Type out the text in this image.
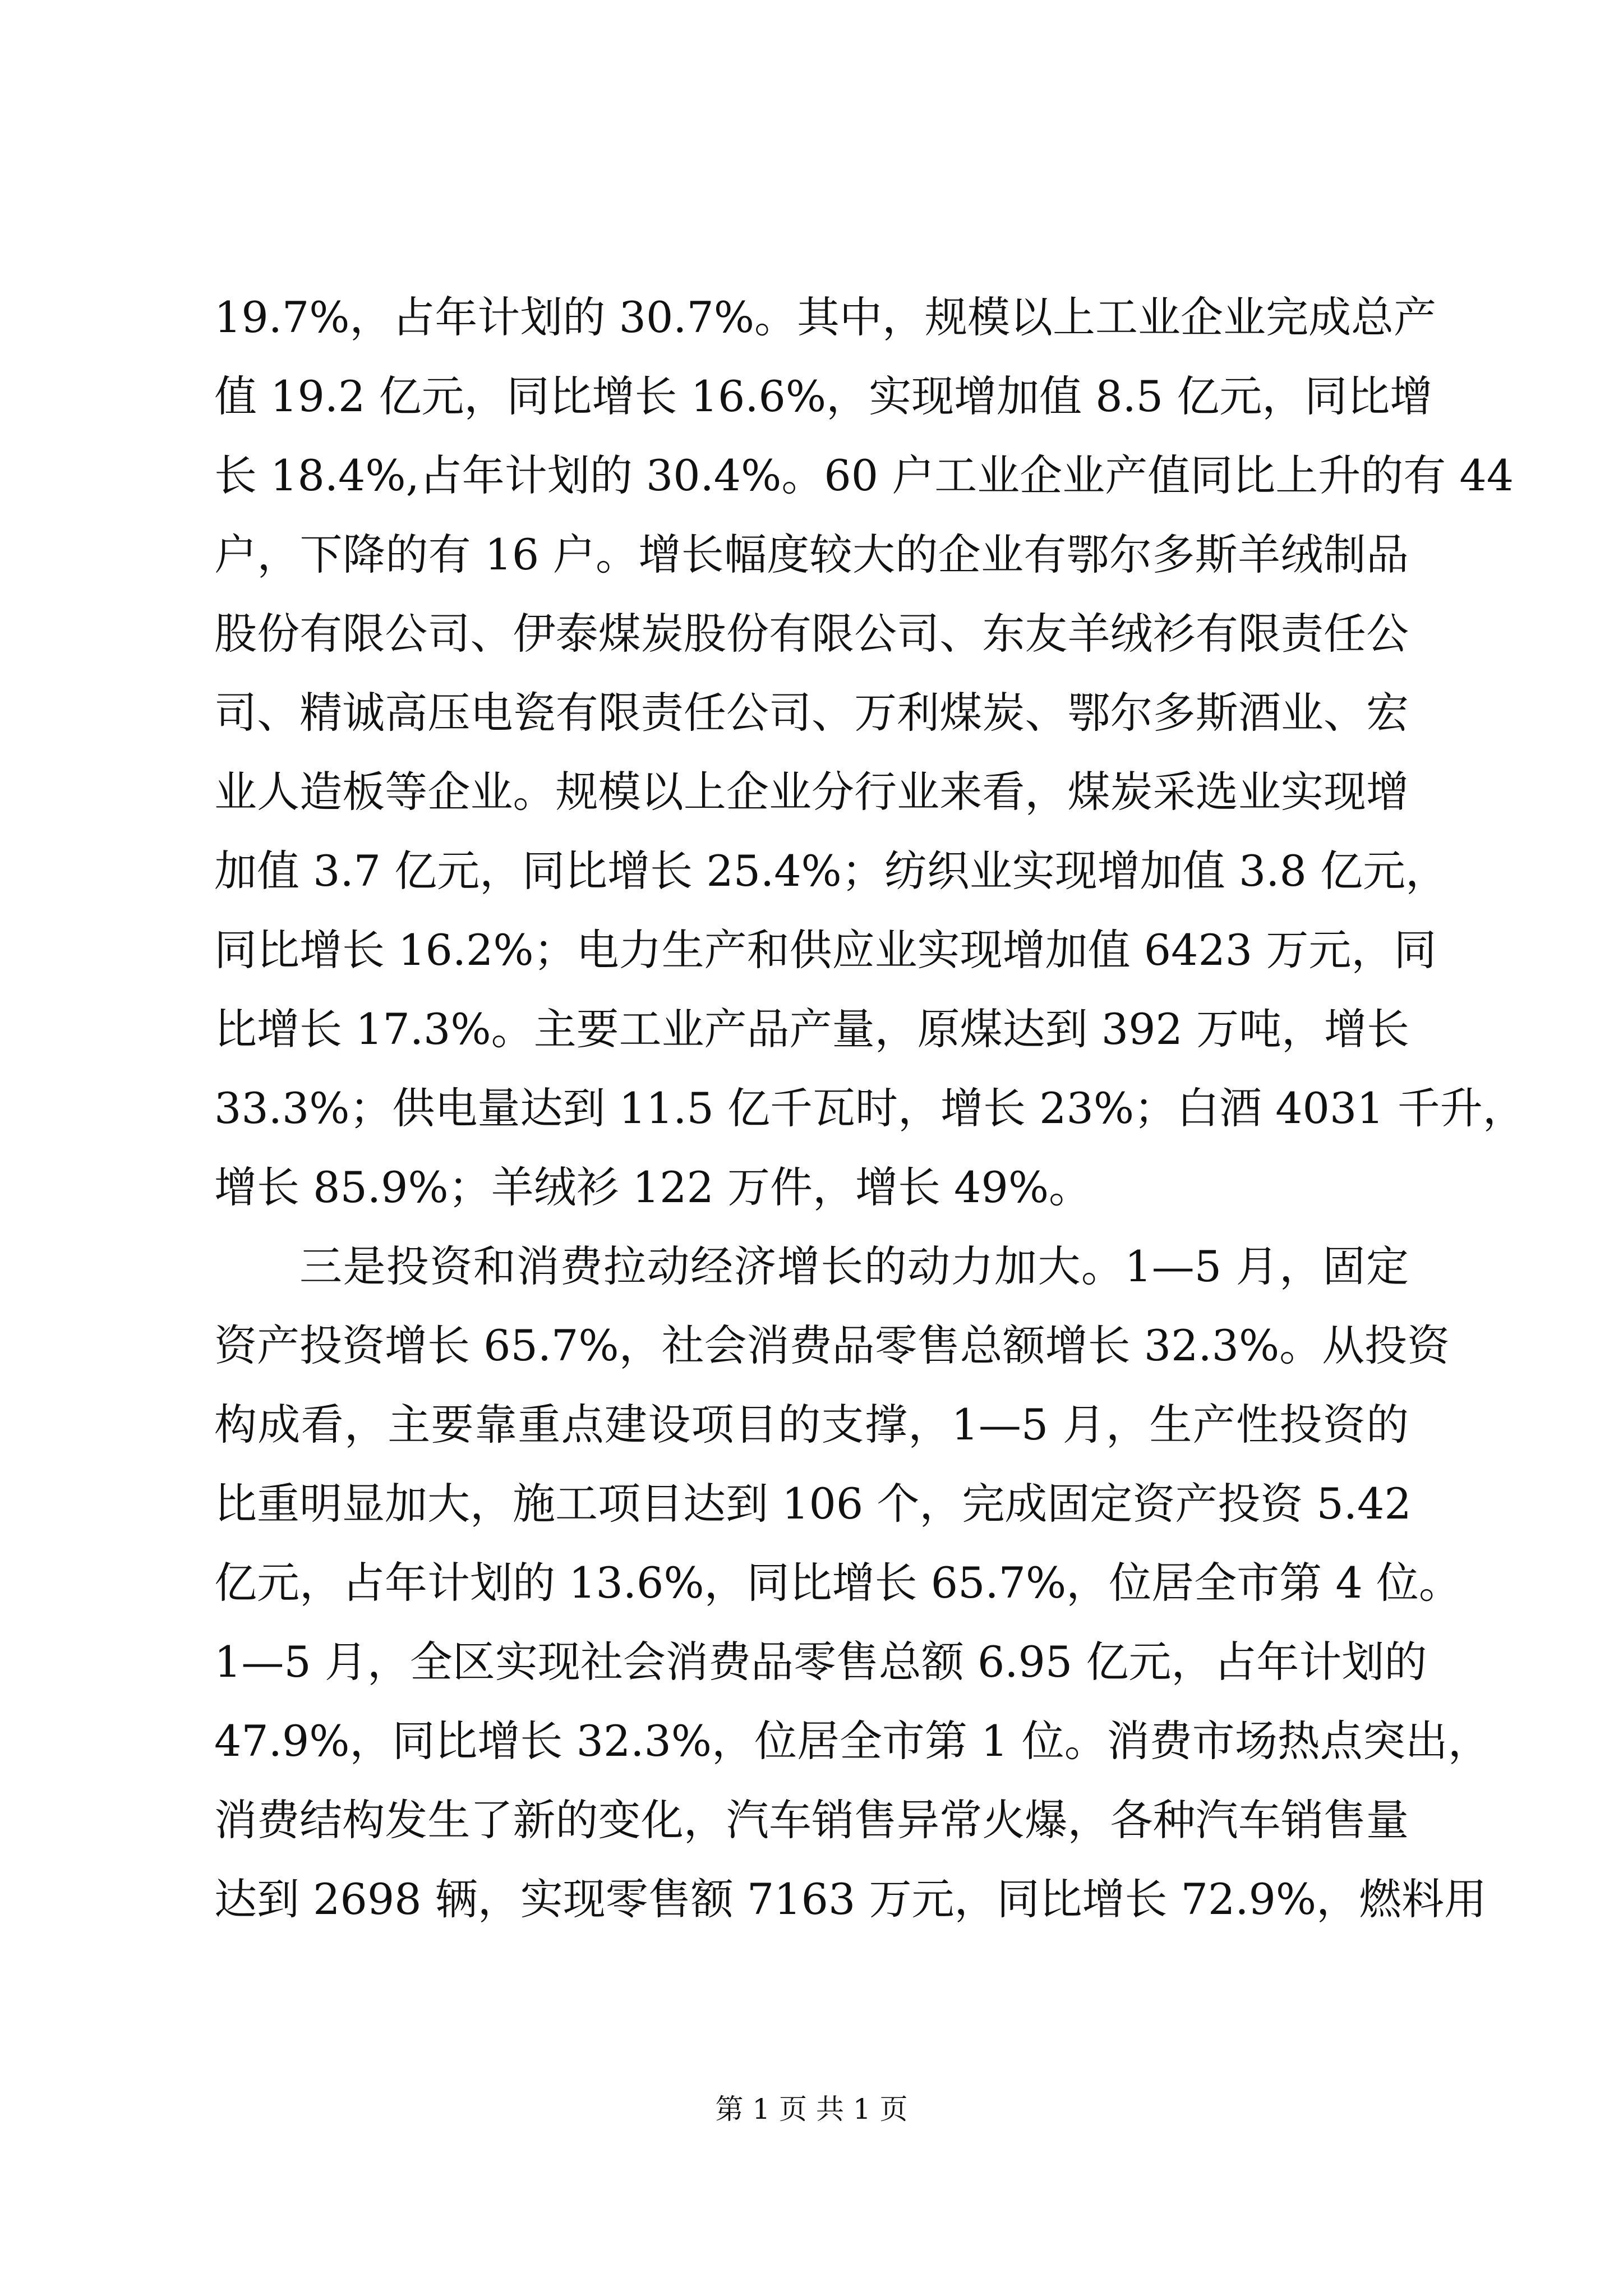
19.7%，占年计划的 30.7%。其中，规模以上工业企业完成总产
值 19.2 亿元，同比增长 16.6%，实现增加值 8.5 亿元，同比增
长 18.4%,占年计划的 30.4%。60 户工业企业产值同比上升的有 44
户，下降的有 16 户。增长幅度较大的企业有鄂尔多斯羊绒制品
股份有限公司、伊泰煤炭股份有限公司、东友羊绒衫有限责任公
司、精诚高压电瓷有限责任公司、万利煤炭、鄂尔多斯酒业、宏
业人造板等企业。规模以上企业分行业来看，煤炭采选业实现增
加值 3.7 亿元，同比增长 25.4%；纺织业实现增加值 3.8 亿元，
同比增长 16.2%；电力生产和供应业实现增加值 6423 万元，同
比增长 17.3%。主要工业产品产量，原煤达到 392 万吨，增长
33.3%；供电量达到 11.5 亿千瓦时，增长 23%；白酒 4031 千升，
增长 85.9%；羊绒衫 122 万件，增长 49%。
三是投资和消费拉动经济增长的动力加大。1—5 月，固定
资产投资增长 65.7%，社会消费品零售总额增长 32.3%。从投资
构成看，主要靠重点建设项目的支撑，1—5 月，生产性投资的
比重明显加大，施工项目达到 106 个，完成固定资产投资 5.42
亿元，占年计划的 13.6%，同比增长 65.7%，位居全市第 4 位。
1—5 月，全区实现社会消费品零售总额 6.95 亿元，占年计划的
47.9%，同比增长 32.3%，位居全市第 1 位。消费市场热点突出，
消费结构发生了新的变化，汽车销售异常火爆，各种汽车销售量
达到 2698 辆，实现零售额 7163 万元，同比增长 72.9%，燃料用
第 1 页 共 1 页
